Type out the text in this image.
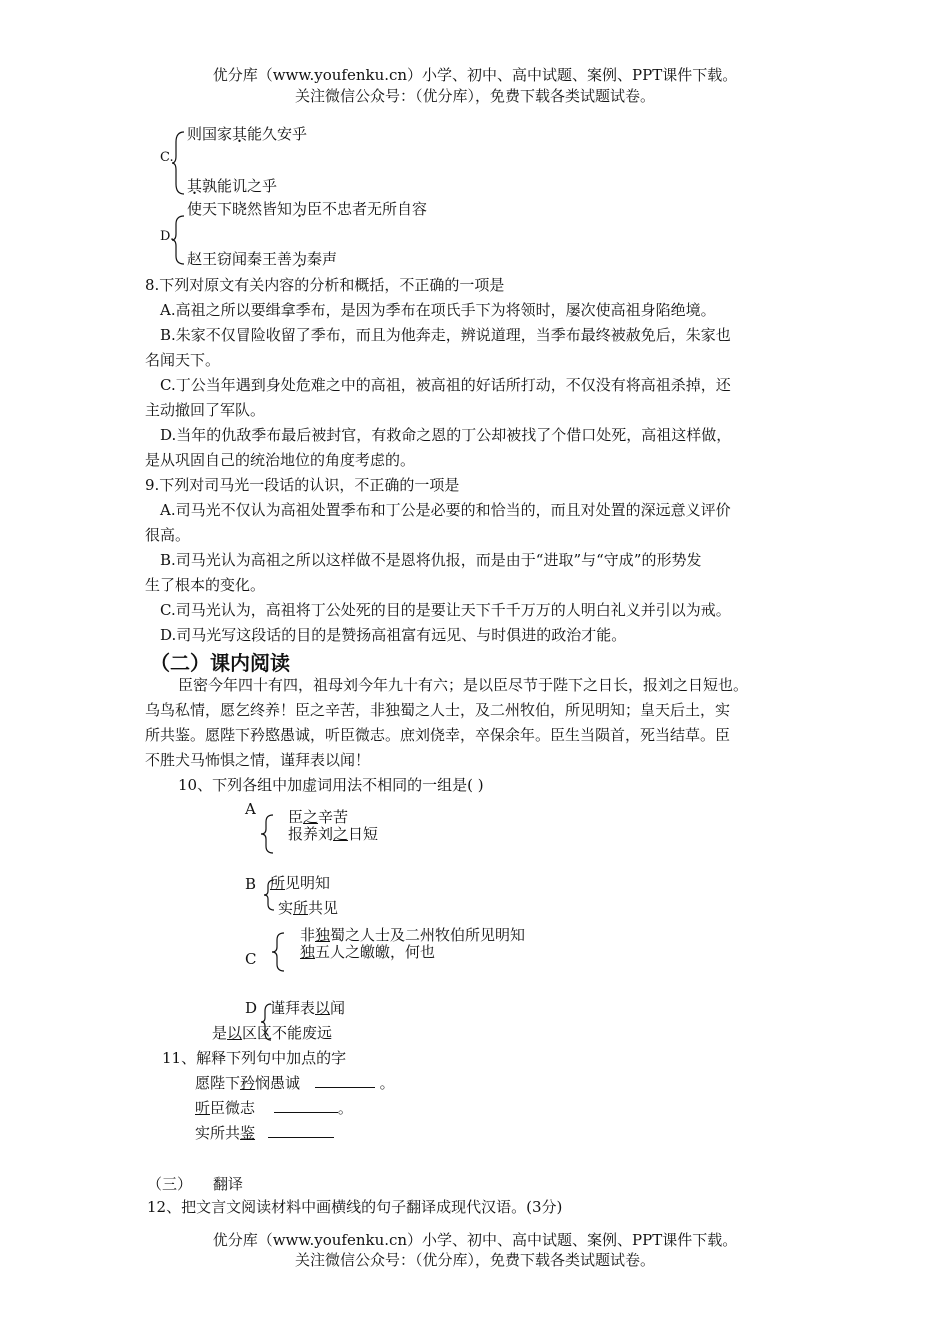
优分库（www.youfenku.cn）小学、初中、高中试题、案例、PPT课件下载。
关注微信公众号：（优分库），免费下载各类试题试卷。
C.
则国家其能久安乎
其孰能讥之乎
使天下晓然皆知为臣不忠者无所自容
D.
赵王窃闻秦王善为秦声
8.下列对原文有关内容的分析和概括，不正确的一项是
A.高祖之所以要缉拿季布，是因为季布在项氏手下为将领时，屡次使高祖身陷绝境。
B.朱家不仅冒险收留了季布，而且为他奔走，辨说道理，当季布最终被赦免后，朱家也
名闻天下。
C.丁公当年遇到身处危难之中的高祖，被高祖的好话所打动，不仅没有将高祖杀掉，还
主动撤回了军队。
D.当年的仇敌季布最后被封官，有救命之恩的丁公却被找了个借口处死，高祖这样做，
是从巩固自己的统治地位的角度考虑的。
9.下列对司马光一段话的认识，不正确的一项是
A.司马光不仅认为高祖处置季布和丁公是必要的和恰当的，而且对处置的深远意义评价
很高。
B.司马光认为高祖之所以这样做不是恩将仇报，而是由于“进取”与“守成”的形势发
生了根本的变化。
C.司马光认为，高祖将丁公处死的目的是要让天下千千万万的人明白礼义并引以为戒。
D.司马光写这段话的目的是赞扬高祖富有远见、与时俱进的政治才能。
（二）课内阅读
臣密今年四十有四，祖母刘今年九十有六；是以臣尽节于陛下之日长，报刘之日短也。
乌鸟私情，愿乞终养！臣之辛苦，非独蜀之人士，及二州牧伯，所见明知；皇天后土，实
所共鉴。愿陛下矜愍愚诚，听臣微志。庶刘侥幸，卒保余年。臣生当陨首，死当结草。臣
不胜犬马怖惧之情，谨拜表以闻！
10、下列各组中加虚词用法不相同的一组是( )
A 臣之辛苦
报养刘之日短
B 所见明知
实所共见
非独蜀之人士及二州牧伯所见明知
独五人之皦皦，何也
C
D 谨拜表以闻
是以区区不能废远
11、解释下列句中加点的字
愿陛下矜悯愚诚	。
听臣微志	。
实所共鉴
（三） 翻译
12、把文言文阅读材料中画横线的句子翻译成现代汉语。(3分)
优分库（www.youfenku.cn）小学、初中、高中试题、案例、PPT课件下载。
关注微信公众号：（优分库），免费下载各类试题试卷。
